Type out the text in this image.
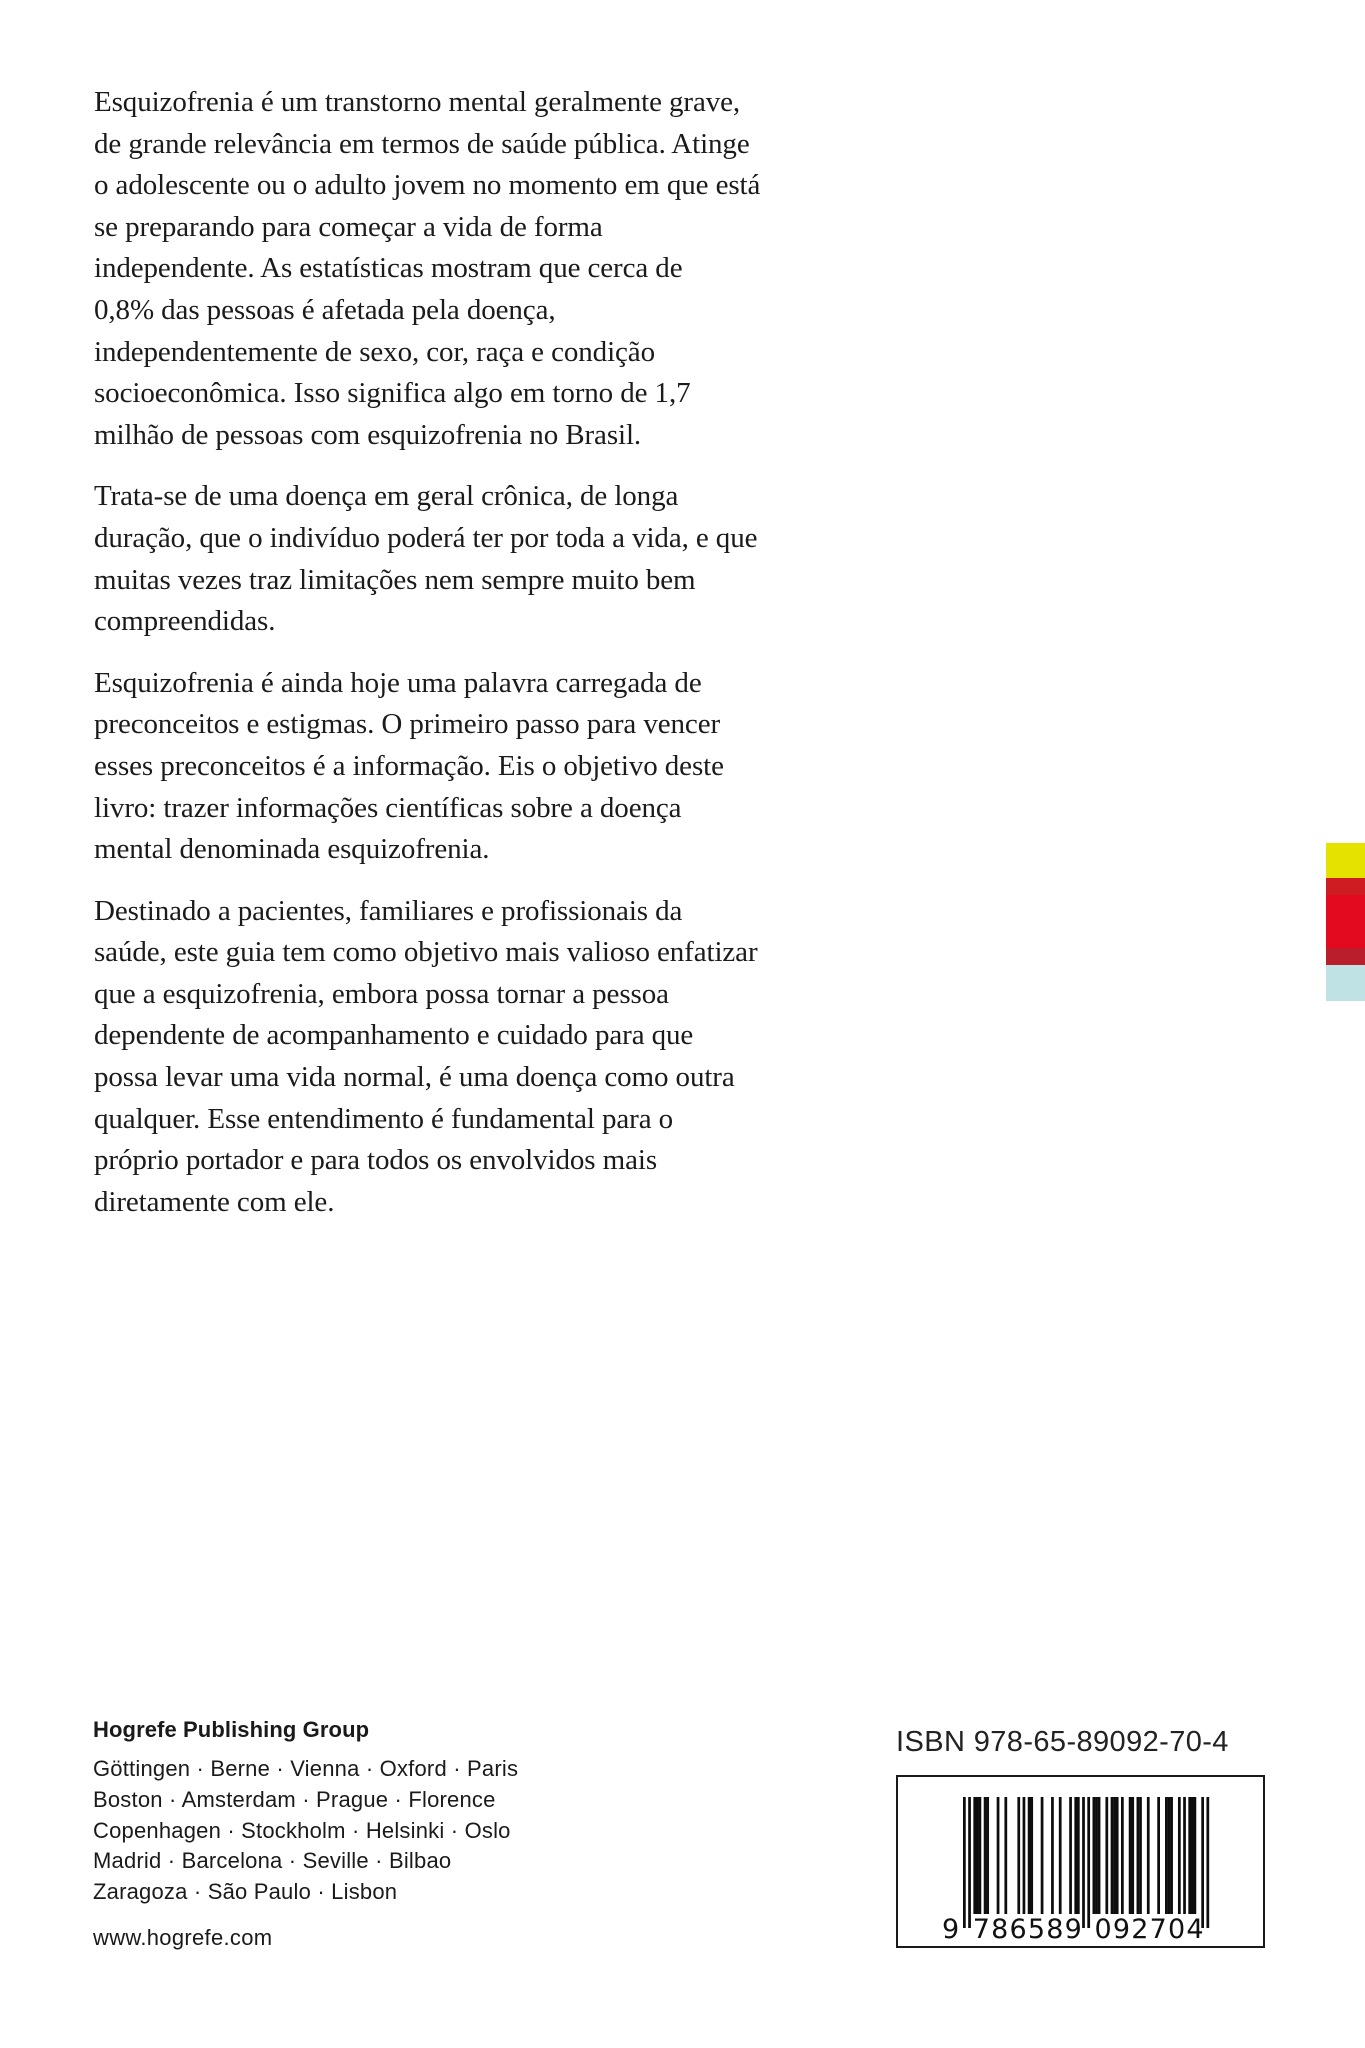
Esquizofrenia é um transtorno mental geralmente grave,
de grande relevância em termos de saúde pública. Atinge
o adolescente ou o adulto jovem no momento em que está
se preparando para começar a vida de forma
independente. As estatísticas mostram que cerca de
0,8% das pessoas é afetada pela doença,
independentemente de sexo, cor, raça e condição
socioeconômica. Isso significa algo em torno de 1,7
milhão de pessoas com esquizofrenia no Brasil.

Trata-se de uma doença em geral crônica, de longa
duração, que o indivíduo poderá ter por toda a vida, e que
muitas vezes traz limitações nem sempre muito bem
compreendidas.

Esquizofrenia é ainda hoje uma palavra carregada de
preconceitos e estigmas. O primeiro passo para vencer
esses preconceitos é a informação. Eis o objetivo deste
livro: trazer informações científicas sobre a doença
mental denominada esquizofrenia.

Destinado a pacientes, familiares e profissionais da
saúde, este guia tem como objetivo mais valioso enfatizar
que a esquizofrenia, embora possa tornar a pessoa
dependente de acompanhamento e cuidado para que
possa levar uma vida normal, é uma doença como outra
qualquer. Esse entendimento é fundamental para o
próprio portador e para todos os envolvidos mais
diretamente com ele.

Hogrefe Publishing Group
Göttingen · Berne · Vienna · Oxford · Paris
Boston · Amsterdam · Prague · Florence
Copenhagen · Stockholm · Helsinki · Oslo
Madrid · Barcelona · Seville · Bilbao
Zaragoza · São Paulo · Lisbon
www.hogrefe.com
ISBN 978-65-89092-70-4
9 786589 092704
